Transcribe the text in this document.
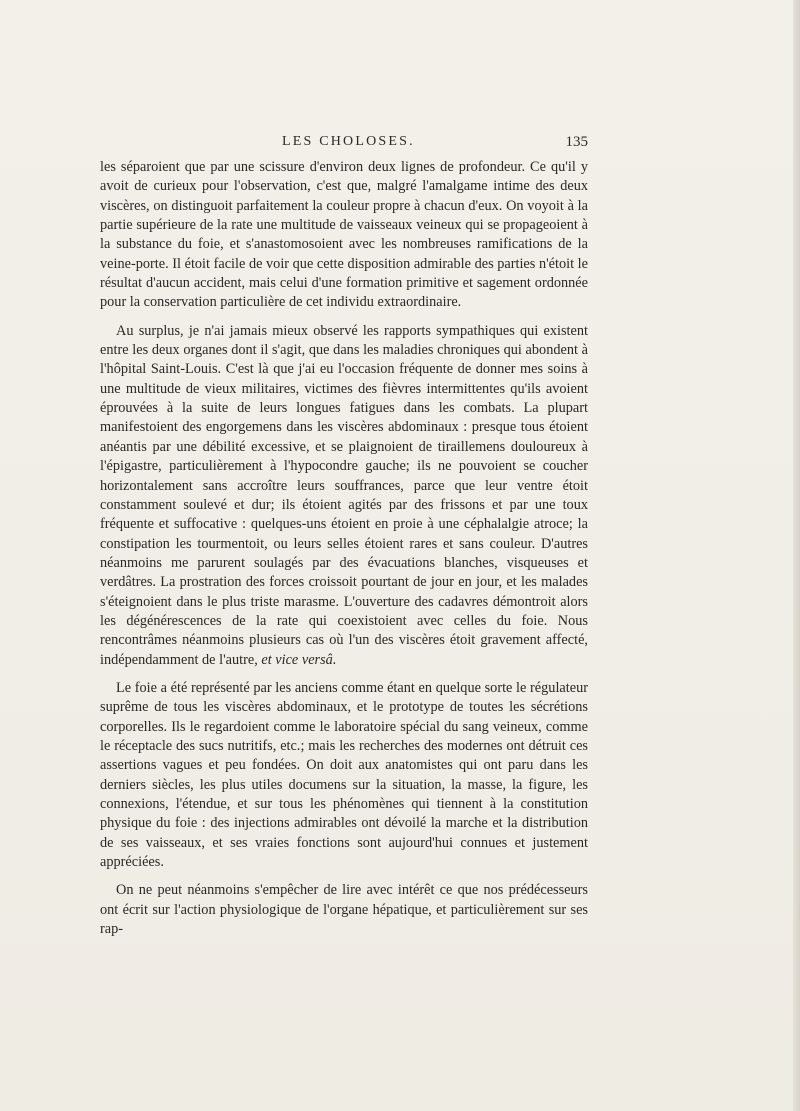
LES CHOLOSES.	135

les séparoient que par une scissure d'environ deux lignes de profondeur. Ce qu'il y avoit de curieux pour l'observation, c'est que, malgré l'amalgame intime des deux viscères, on distinguoit parfaitement la couleur propre à chacun d'eux. On voyoit à la partie supérieure de la rate une multitude de vaisseaux veineux qui se propageoient à la substance du foie, et s'anastomosoient avec les nombreuses ramifications de la veine-porte. Il étoit facile de voir que cette disposition admirable des parties n'étoit le résultat d'aucun accident, mais celui d'une formation primitive et sagement ordonnée pour la conservation particulière de cet individu extraordinaire.

Au surplus, je n'ai jamais mieux observé les rapports sympathiques qui existent entre les deux organes dont il s'agit, que dans les maladies chroniques qui abondent à l'hôpital Saint-Louis. C'est là que j'ai eu l'occasion fréquente de donner mes soins à une multitude de vieux militaires, victimes des fièvres intermittentes qu'ils avoient éprouvées à la suite de leurs longues fatigues dans les combats. La plupart manifestoient des engorgemens dans les viscères abdominaux : presque tous étoient anéantis par une débilité excessive, et se plaignoient de tiraillemens douloureux à l'épigastre, particulièrement à l'hypocondre gauche; ils ne pouvoient se coucher horizontalement sans accroître leurs souffrances, parce que leur ventre étoit constamment soulevé et dur; ils étoient agités par des frissons et par une toux fréquente et suffocative : quelques-uns étoient en proie à une céphalalgie atroce; la constipation les tourmentoit, ou leurs selles étoient rares et sans couleur. D'autres néanmoins me parurent soulagés par des évacuations blanches, visqueuses et verdâtres. La prostration des forces croissoit pourtant de jour en jour, et les malades s'éteignoient dans le plus triste marasme. L'ouverture des cadavres démontroit alors les dégénérescences de la rate qui coexistoient avec celles du foie. Nous rencontrâmes néanmoins plusieurs cas où l'un des viscères étoit gravement affecté, indépendamment de l'autre, et vice versâ.

Le foie a été représenté par les anciens comme étant en quelque sorte le régulateur suprême de tous les viscères abdominaux, et le prototype de toutes les sécrétions corporelles. Ils le regardoient comme le laboratoire spécial du sang veineux, comme le réceptacle des sucs nutritifs, etc.; mais les recherches des modernes ont détruit ces assertions vagues et peu fondées. On doit aux anatomistes qui ont paru dans les derniers siècles, les plus utiles documens sur la situation, la masse, la figure, les connexions, l'étendue, et sur tous les phénomènes qui tiennent à la constitution physique du foie : des injections admirables ont dévoilé la marche et la distribution de ses vaisseaux, et ses vraies fonctions sont aujourd'hui connues et justement appréciées.

On ne peut néanmoins s'empêcher de lire avec intérêt ce que nos prédécesseurs ont écrit sur l'action physiologique de l'organe hépatique, et particulièrement sur ses rap-
